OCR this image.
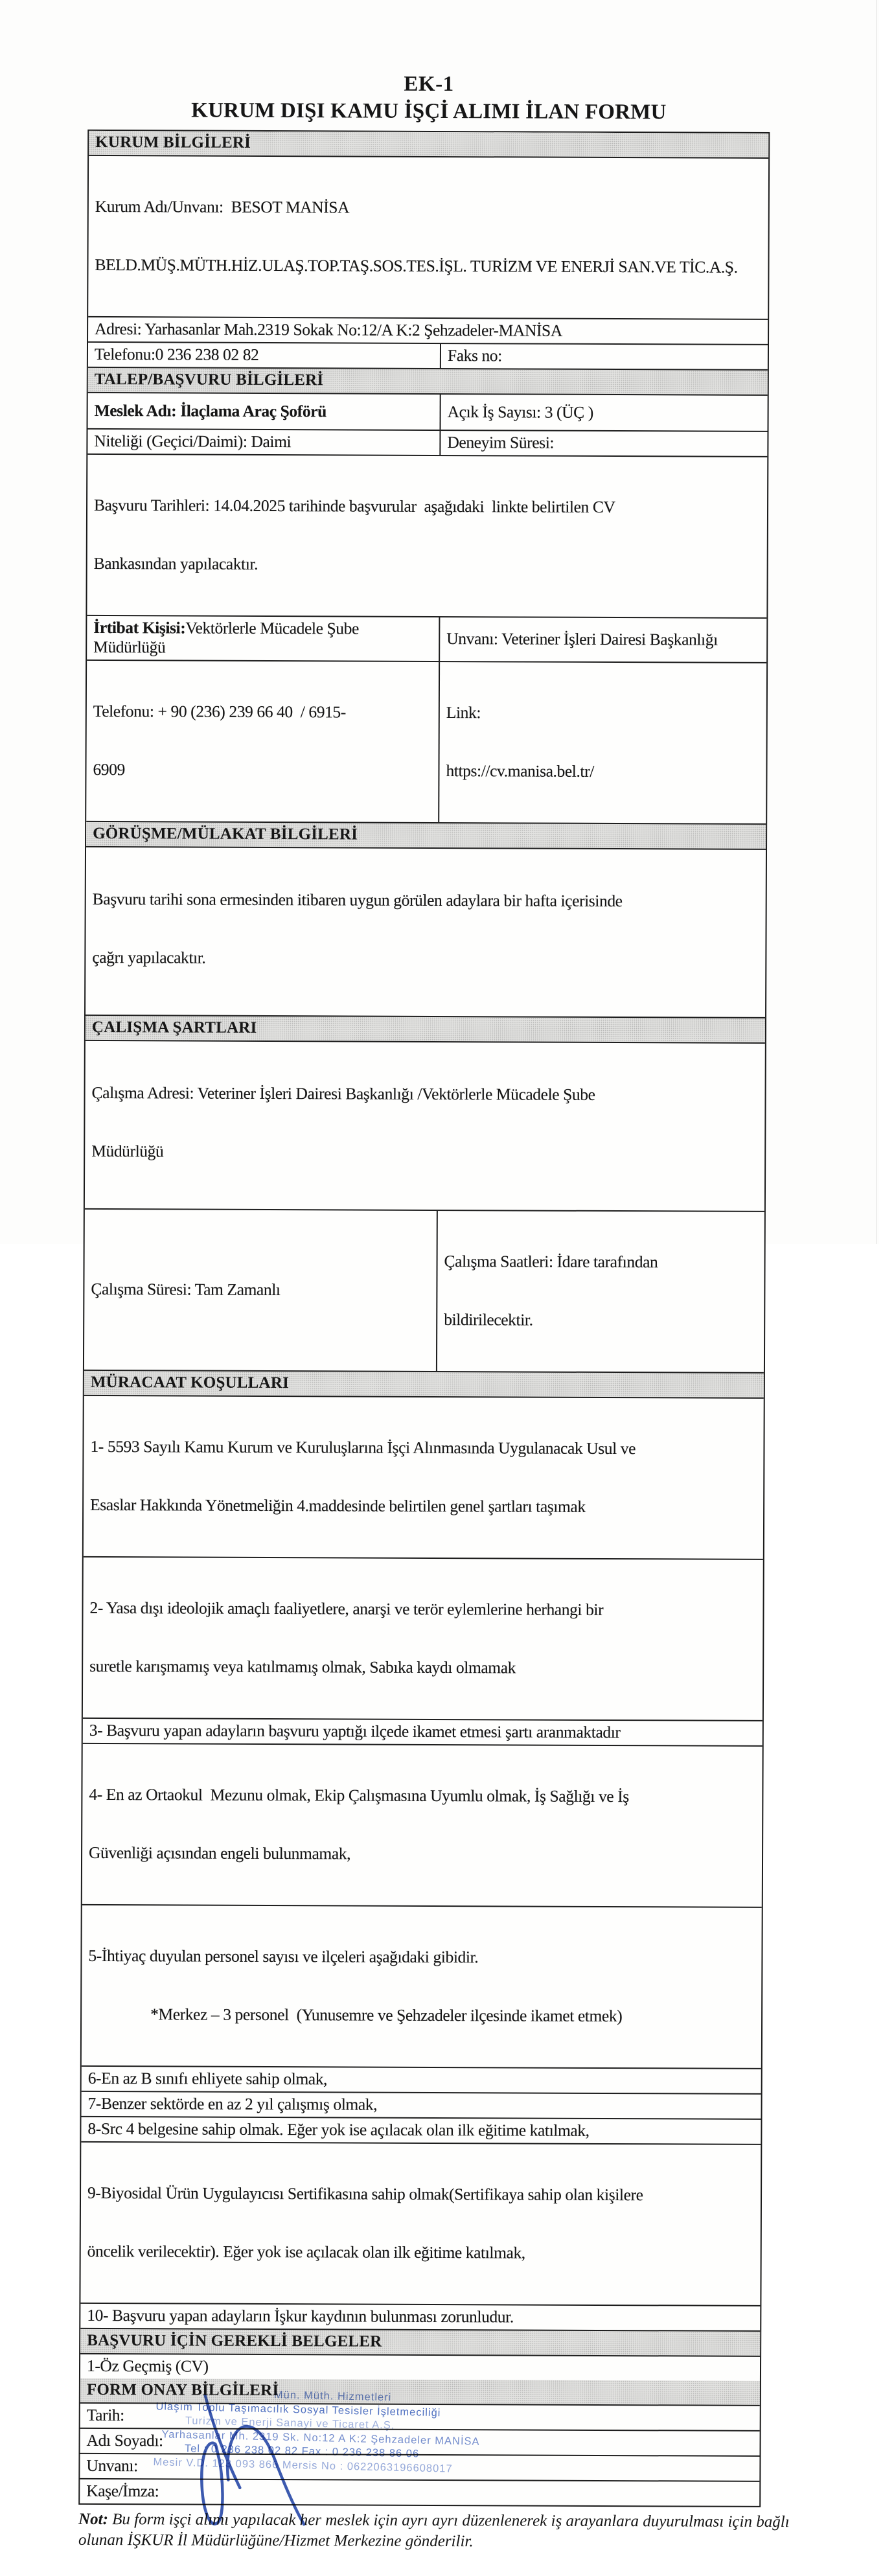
EK-1
KURUM DIŞI KAMU İŞÇİ ALIMI İLAN FORMU
KURUM BİLGİLERİ

Kurum Adı/Unvanı:  BESOT MANİSA

BELD.MÜŞ.MÜTH.HİZ.ULAŞ.TOP.TAŞ.SOS.TES.İŞL. TURİZM VE ENERJİ SAN.VE TİC.A.Ş.

Adresi: Yarhasanlar Mah.2319 Sokak No:12/A K:2 Şehzadeler-MANİSA
Telefonu:0 236 238 02 82	Faks no:
TALEP/BAŞVURU BİLGİLERİ
Meslek Adı: İlaçlama Araç Şoförü	Açık İş Sayısı: 3 (ÜÇ )
Niteliği (Geçici/Daimi): Daimi	Deneyim Süresi:

Başvuru Tarihleri: 14.04.2025 tarihinde başvurular  aşağıdaki  linkte belirtilen CV

Bankasından yapılacaktır.

İrtibat Kişisi:Vektörlerle Mücadele Şube Müdürlüğü	Unvanı: Veteriner İşleri Dairesi Başkanlığı

Telefonu: + 90 (236) 239 66 40  / 6915-

6909

Link:

https://cv.manisa.bel.tr/

GÖRÜŞME/MÜLAKAT BİLGİLERİ

Başvuru tarihi sona ermesinden itibaren uygun görülen adaylara bir hafta içerisinde

çağrı yapılacaktır.

ÇALIŞMA ŞARTLARI

Çalışma Adresi: Veteriner İşleri Dairesi Başkanlığı /Vektörlerle Mücadele Şube

Müdürlüğü

Çalışma Süresi: Tam Zamanlı

Çalışma Saatleri: İdare tarafından

bildirilecektir.

MÜRACAAT KOŞULLARI

1- 5593 Sayılı Kamu Kurum ve Kuruluşlarına İşçi Alınmasında Uygulanacak Usul ve

Esaslar Hakkında Yönetmeliğin 4.maddesinde belirtilen genel şartları taşımak

2- Yasa dışı ideolojik amaçlı faaliyetlere, anarşi ve terör eylemlerine herhangi bir

suretle karışmamış veya katılmamış olmak, Sabıka kaydı olmamak

3- Başvuru yapan adayların başvuru yaptığı ilçede ikamet etmesi şartı aranmaktadır

4- En az Ortaokul  Mezunu olmak, Ekip Çalışmasına Uyumlu olmak, İş Sağlığı ve İş

Güvenliği açısından engeli bulunmamak,

5-İhtiyaç duyulan personel sayısı ve ilçeleri aşağıdaki gibidir.

*Merkez – 3 personel  (Yunusemre ve Şehzadeler ilçesinde ikamet etmek)

6-En az B sınıfı ehliyete sahip olmak,
7-Benzer sektörde en az 2 yıl çalışmış olmak,
8-Src 4 belgesine sahip olmak. Eğer yok ise açılacak olan ilk eğitime katılmak,

9-Biyosidal Ürün Uygulayıcısı Sertifikasına sahip olmak(Sertifikaya sahip olan kişilere

öncelik verilecektir). Eğer yok ise açılacak olan ilk eğitime katılmak,

10- Başvuru yapan adayların İşkur kaydının bulunması zorunludur.
BAŞVURU İÇİN GEREKLİ BELGELER
1-Öz Geçmiş (CV)
FORM ONAY BİLGİLERİ
Tarih:
Adı Soyadı:
Unvanı:
Kaşe/İmza:
Mün. Müth. Hizmetleri
Ulaşım Toplu Taşımacılık Sosyal Tesisler İşletmeciliği
Turizm ve Enerji Sanayi ve Ticaret A.Ş.
Yarhasanlar Mh. 2319 Sk. No:12 A K:2 Şehzadeler MANİSA
Tel : 0 236 238 02 82 Fax : 0 236 238 86 06
Mesir V.D. 123 093 866 Mersis No : 0622063196608017
Not: Bu form işçi alımı yapılacak her meslek için ayrı ayrı düzenlenerek iş arayanlara duyurulması için bağlı
olunan İŞKUR İl Müdürlüğüne/Hizmet Merkezine gönderilir.
